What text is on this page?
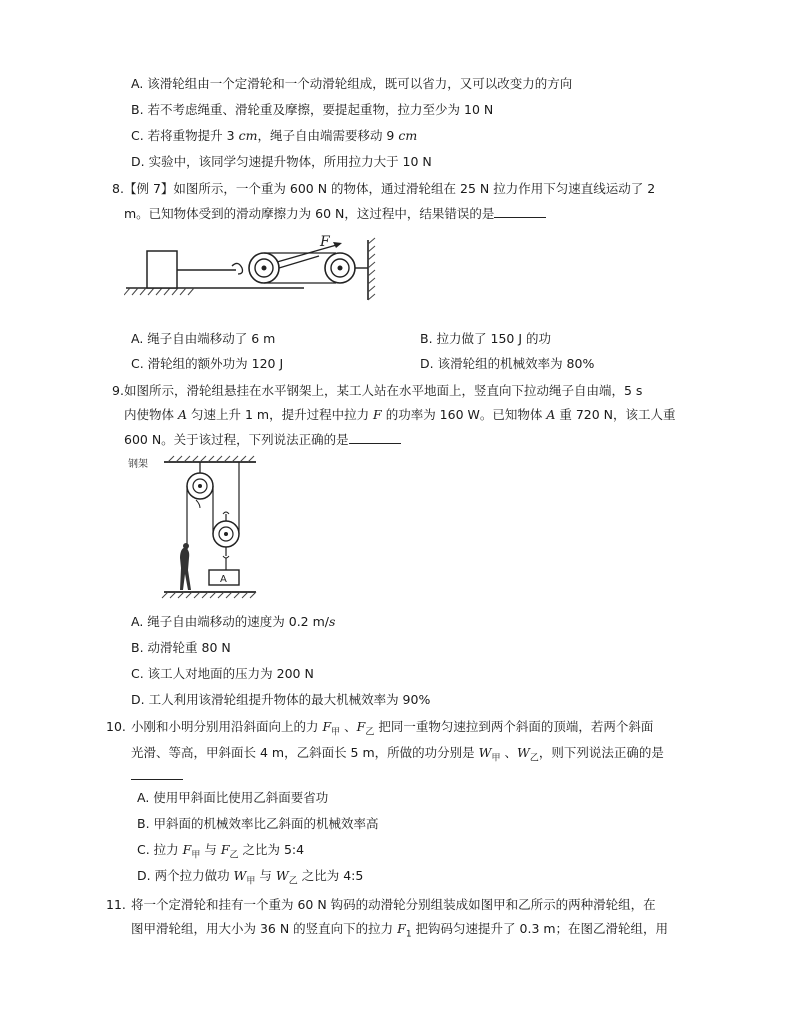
A. 该滑轮组由一个定滑轮和一个动滑轮组成，既可以省力，又可以改变力的方向
B. 若不考虑绳重、滑轮重及摩擦，要提起重物，拉力至少为 10 N
C. 若将重物提升 3 cm，绳子自由端需要移动 9 cm
D. 实验中，该同学匀速提升物体，所用拉力大于 10 N
8. 【例 7】如图所示，一个重为 600 N 的物体，通过滑轮组在 25 N 拉力作用下匀速直线运动了 2
m。已知物体受到的滑动摩擦力为 60 N，这过程中，结果错误的是
F
A. 绳子自由端移动了 6 m	B. 拉力做了 150 J 的功
C. 滑轮组的额外功为 120 J	D. 该滑轮组的机械效率为 80%
9. 如图所示，滑轮组悬挂在水平钢架上，某工人站在水平地面上，竖直向下拉动绳子自由端，5 s
内使物体 A 匀速上升 1 m，提升过程中拉力 F 的功率为 160 W。已知物体 A 重 720 N，该工人重
600 N。关于该过程，下列说法正确的是
钢架
A
A. 绳子自由端移动的速度为 0.2 m/s
B. 动滑轮重 80 N
C. 该工人对地面的压力为 200 N
D. 工人利用该滑轮组提升物体的最大机械效率为 90%
10. 小刚和小明分别用沿斜面向上的力 $F_甲$ 、$F_乙$ 把同一重物匀速拉到两个斜面的顶端，若两个斜面
光滑、等高，甲斜面长 4 m，乙斜面长 5 m，所做的功分别是 $W_甲$ 、$W_乙$，则下列说法正确的是
A. 使用甲斜面比使用乙斜面要省功
B. 甲斜面的机械效率比乙斜面的机械效率高
C. 拉力 $F_甲$ 与 $F_乙$ 之比为 5:4
D. 两个拉力做功 $W_甲$ 与 $W_乙$ 之比为 4:5
11. 将一个定滑轮和挂有一个重为 60 N 钩码的动滑轮分别组装成如图甲和乙所示的两种滑轮组，在
图甲滑轮组，用大小为 36 N 的竖直向下的拉力 $F_1$ 把钩码匀速提升了 0.3 m；在图乙滑轮组，用
